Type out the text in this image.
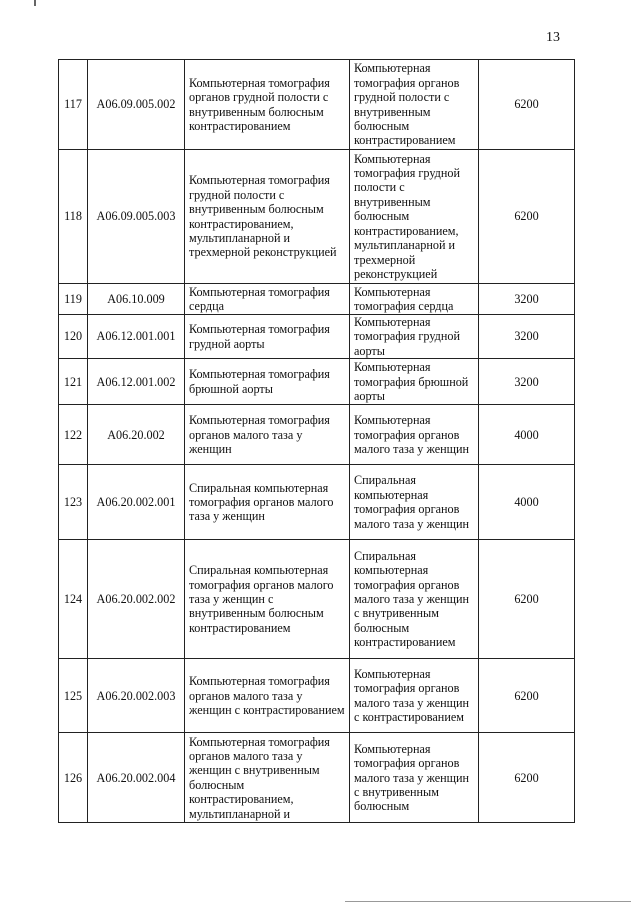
13
117	A06.09.005.002	Компьютерная томография органов грудной полости с внутривенным болюсным контрастированием	Компьютерная томография органов грудной полости с внутривенным болюсным контрастированием	6200
118	A06.09.005.003	Компьютерная томография грудной полости с внутривенным болюсным контрастированием, мультипланарной и трехмерной реконструкцией	Компьютерная томография грудной полости с внутривенным болюсным контрастированием, мультипланарной и трехмерной реконструкцией	6200
119	A06.10.009	Компьютерная томография сердца	Компьютерная томография сердца	3200
120	A06.12.001.001	Компьютерная томография грудной аорты	Компьютерная томография грудной аорты	3200
121	A06.12.001.002	Компьютерная томография брюшной аорты	Компьютерная томография брюшной аорты	3200
122	A06.20.002	Компьютерная томография органов малого таза у женщин	Компьютерная томография органов малого таза у женщин	4000
123	A06.20.002.001	Спиральная компьютерная томография органов малого таза у женщин	Спиральная компьютерная томография органов малого таза у женщин	4000
124	A06.20.002.002	Спиральная компьютерная томография органов малого таза у женщин с внутривенным болюсным контрастированием	Спиральная компьютерная томография органов малого таза у женщин с внутривенным болюсным контрастированием	6200
125	A06.20.002.003	Компьютерная томография органов малого таза у женщин с контрастированием	Компьютерная томография органов малого таза у женщин с контрастированием	6200
126	A06.20.002.004	Компьютерная томография органов малого таза у женщин с внутривенным болюсным контрастированием, мультипланарной и	Компьютерная томография органов малого таза у женщин с внутривенным болюсным	6200
